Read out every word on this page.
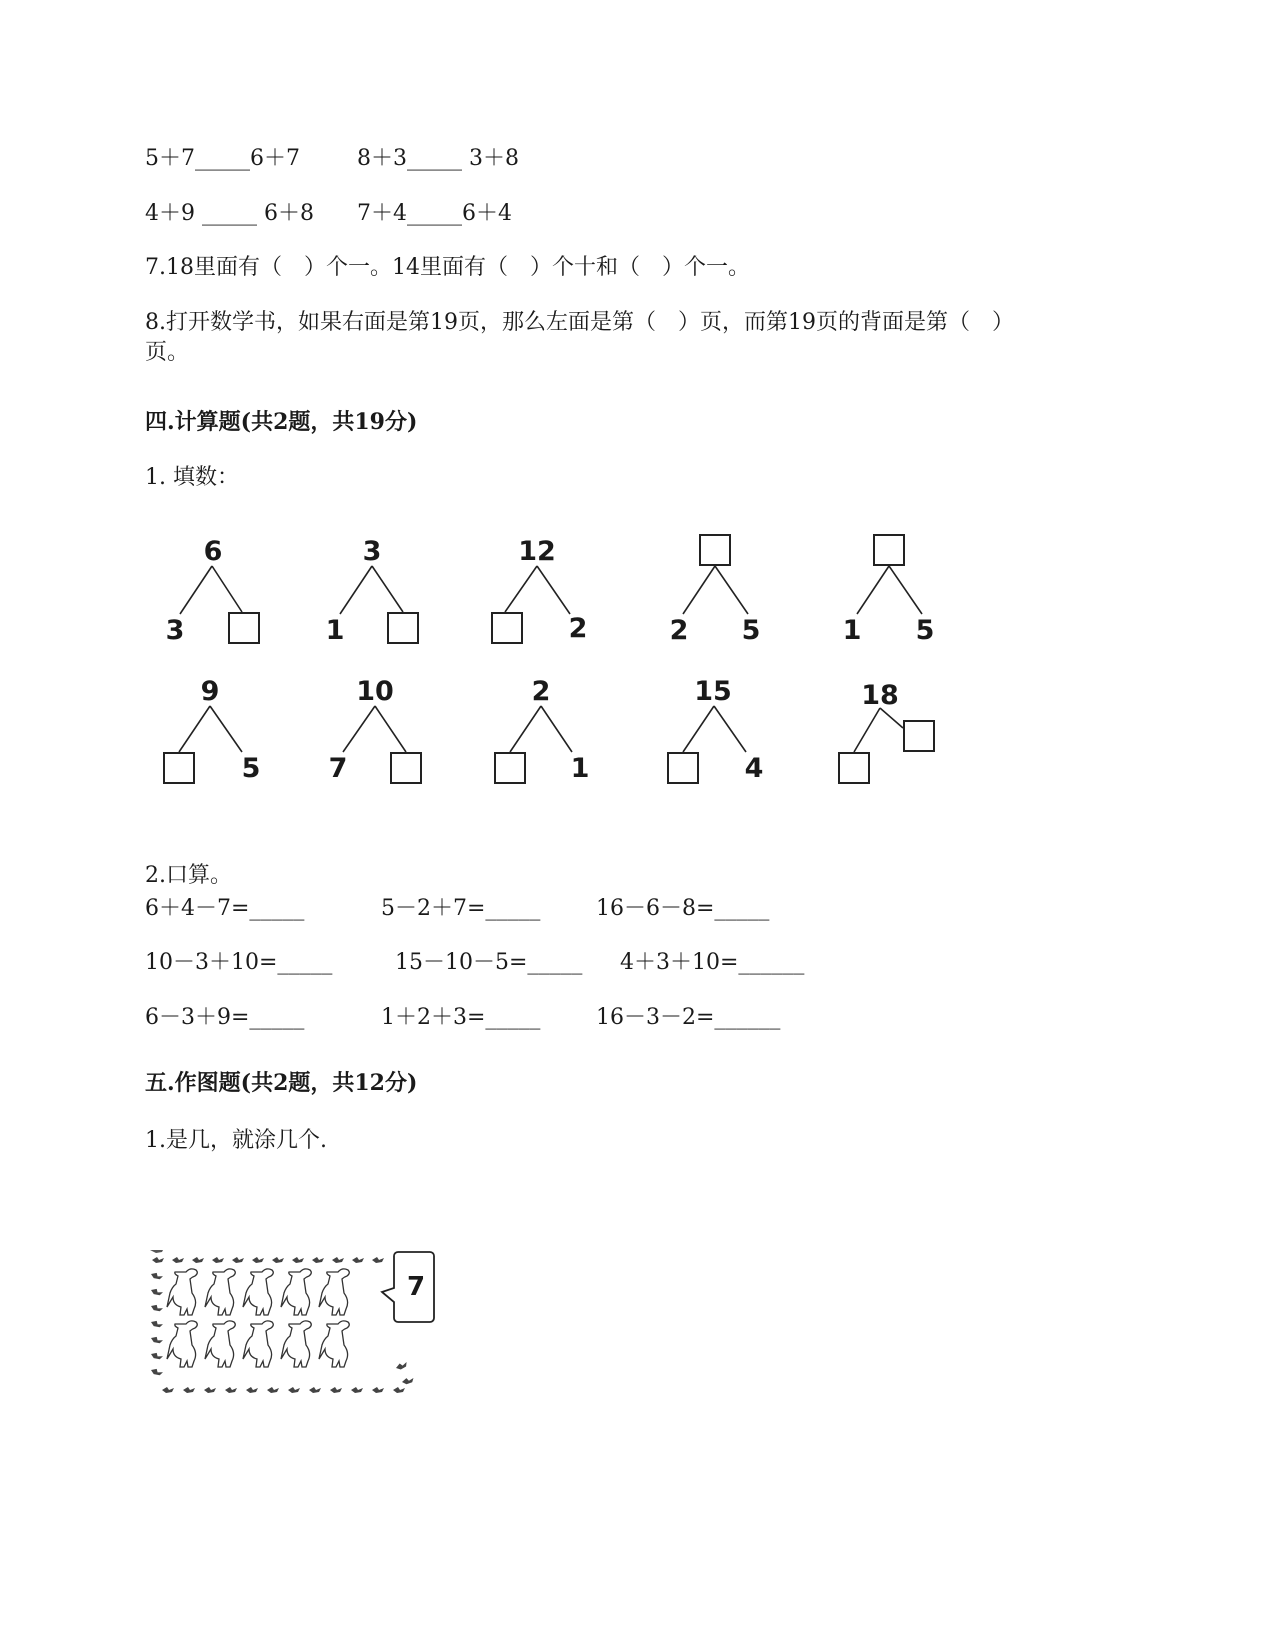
5＋7_____6＋7	8＋3_____ 3＋8
4＋9 _____ 6＋8 7＋4_____6＋4
7.18里面有（　）个一。14里面有（　）个十和（　）个一。
8.打开数学书，如果右面是第19页，那么左面是第（　）页，而第19页的背面是第（　）
页。
四.计算题(共2题，共19分)
1. 填数：
6
3
3
1
12
2	2 5	1 5
9
5
10
7
2
1
15
4
18
2.口算。
6＋4－7=_____	5－2＋7=_____	16－6－8=_____
10－3＋10=_____	15－10－5=_____ 4＋3＋10=______
6－3＋9=_____	1＋2＋3=_____	16－3－2=______
五.作图题(共2题，共12分)
1.是几，就涂几个.
7
